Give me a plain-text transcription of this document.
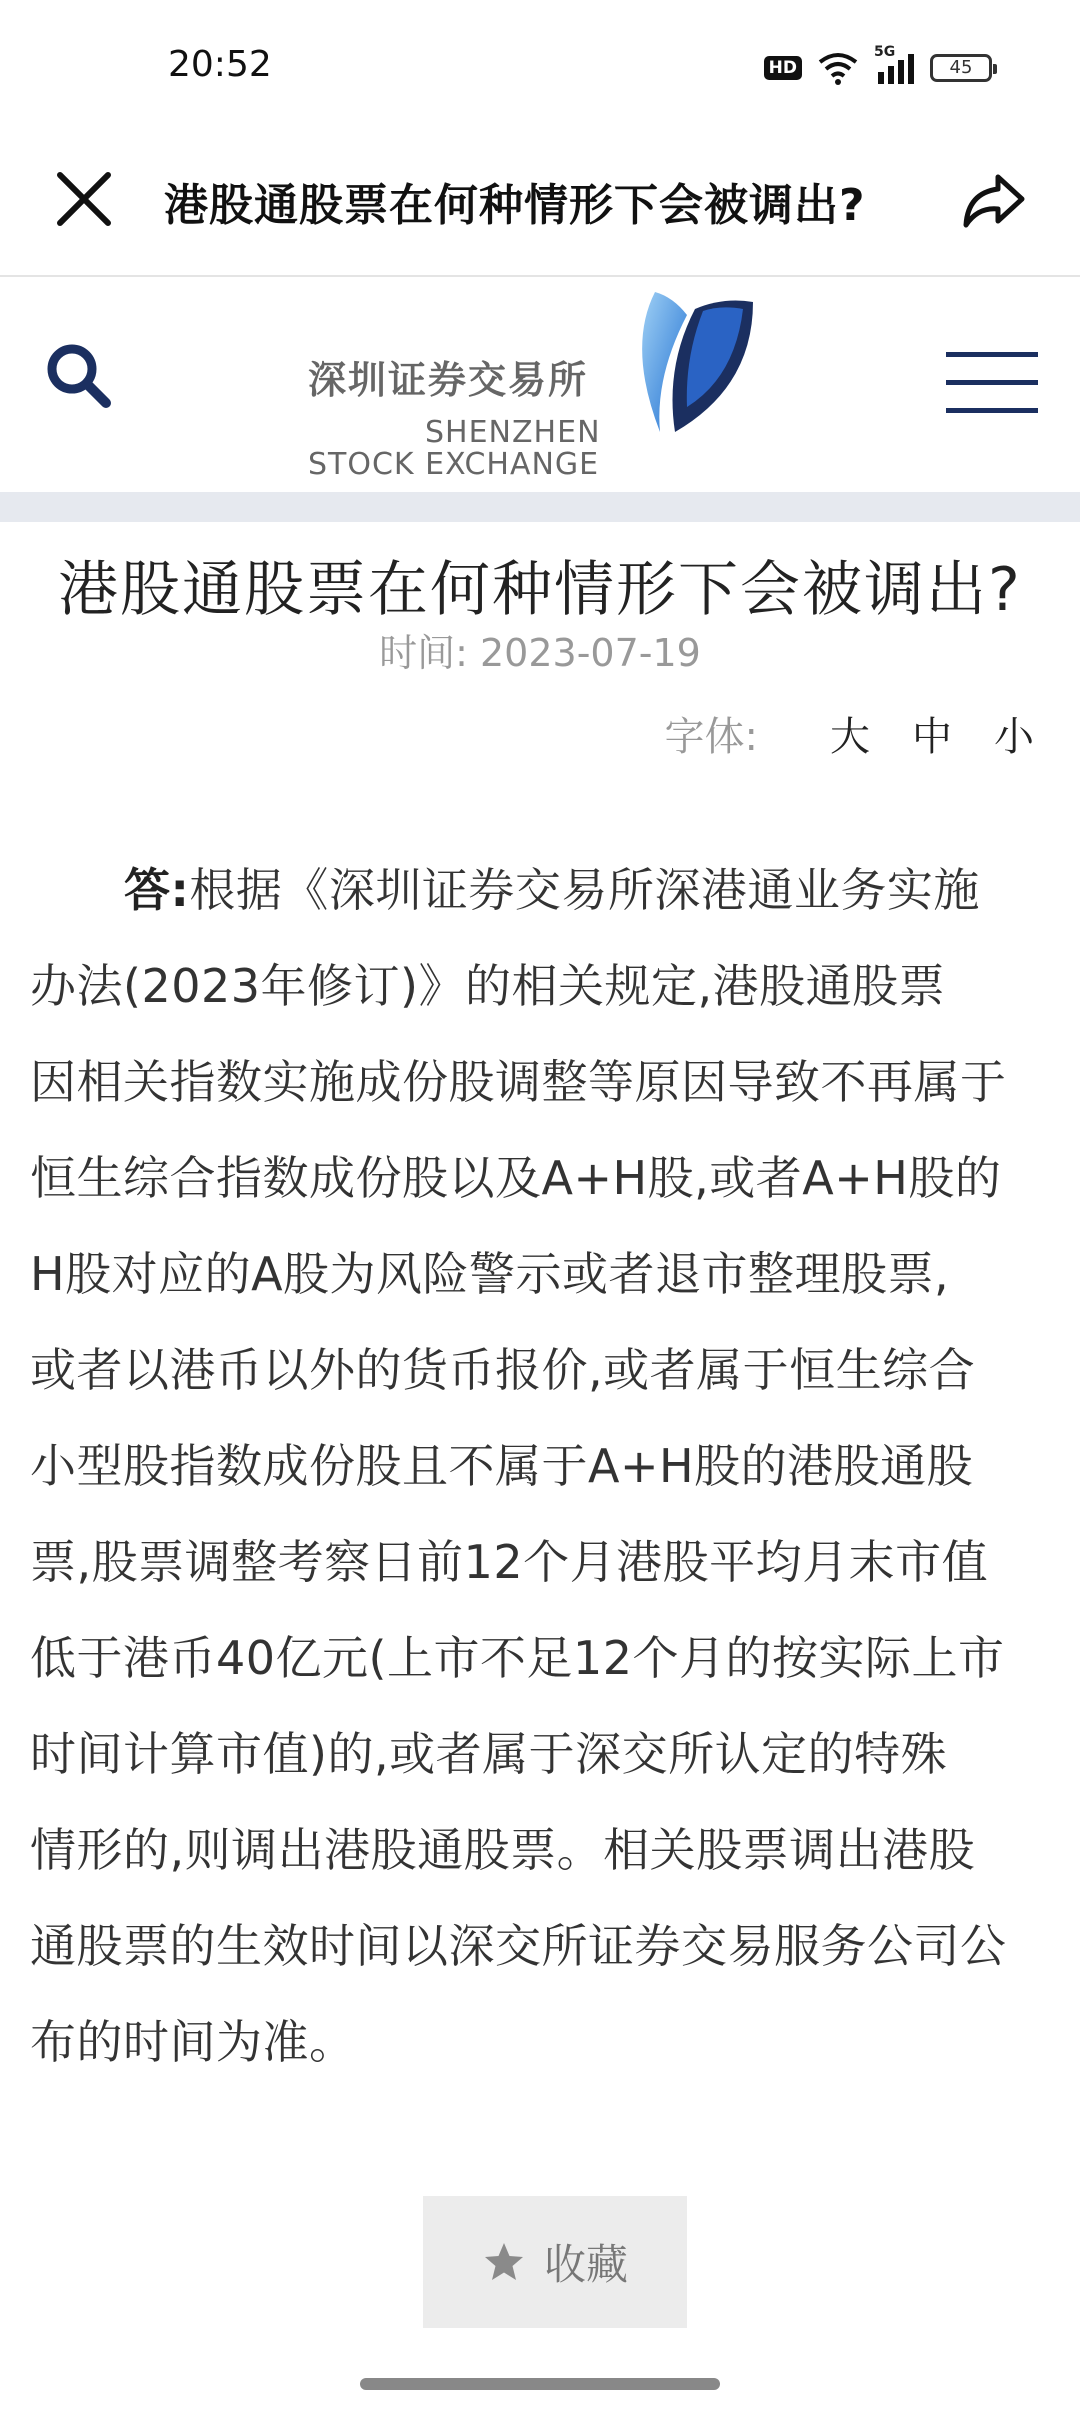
20:52	HD
5G
45
港股通股票在何种情形下会被调出?
深圳证券交易所
SHENZHEN
STOCK EXCHANGE
港股通股票在何种情形下会被调出?
时间: 2023-07-19
字体: 大 中 小
答:根据《深圳证券交易所深港通业务实施
办法(2023年修订)》的相关规定,港股通股票
因相关指数实施成份股调整等原因导致不再属于
恒生综合指数成份股以及A+H股,或者A+H股的
H股对应的A股为风险警示或者退市整理股票,
或者以港币以外的货币报价,或者属于恒生综合
小型股指数成份股且不属于A+H股的港股通股
票,股票调整考察日前12个月港股平均月末市值
低于港币40亿元(上市不足12个月的按实际上市
时间计算市值)的,或者属于深交所认定的特殊
情形的,则调出港股通股票。相关股票调出港股
通股票的生效时间以深交所证券交易服务公司公
布的时间为准。
收藏
